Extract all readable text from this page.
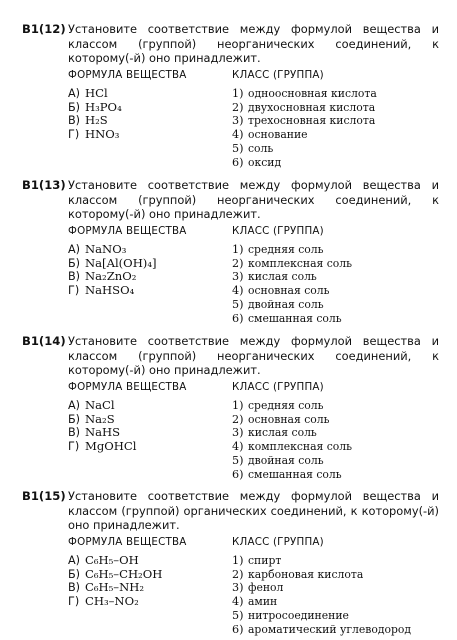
B1(12) Установите соответствие между формулой вещества и классом (группой) неорганических соединений, к которому(-й) оно принадлежит.
ФОРМУЛА ВЕЩЕСТВА
А) HCl
Б) H₃PO₄
В) H₂S
Г) HNO₃
КЛАСС (ГРУППА)
1) одноосновная кислота
2) двухосновная кислота
3) трехосновная кислота
4) основание
5) соль
6) оксид
B1(13) Установите соответствие между формулой вещества и классом (группой) неорганических соединений, к которому(-й) оно принадлежит.
ФОРМУЛА ВЕЩЕСТВА
А) NaNO₃
Б) Na[Al(OH)₄]
В) Na₂ZnO₂
Г) NaHSO₄
КЛАСС (ГРУППА)
1) средняя соль
2) комплексная соль
3) кислая соль
4) основная соль
5) двойная соль
6) смешанная соль
B1(14) Установите соответствие между формулой вещества и классом (группой) неорганических соединений, к которому(-й) оно принадлежит.
ФОРМУЛА ВЕЩЕСТВА
А) NaCl
Б) Na₂S
В) NaHS
Г) MgOHCl
КЛАСС (ГРУППА)
1) средняя соль
2) основная соль
3) кислая соль
4) комплексная соль
5) двойная соль
6) смешанная соль
B1(15) Установите соответствие между формулой вещества и классом (группой) органических соединений, к которому(-й) оно принадлежит.
ФОРМУЛА ВЕЩЕСТВА
А) C₆H₅–OH
Б) C₆H₅–CH₂OH
В) C₆H₅–NH₂
Г) CH₃–NO₂
КЛАСС (ГРУППА)
1) спирт
2) карбоновая кислота
3) фенол
4) амин
5) нитросоединение
6) ароматический углеводород
